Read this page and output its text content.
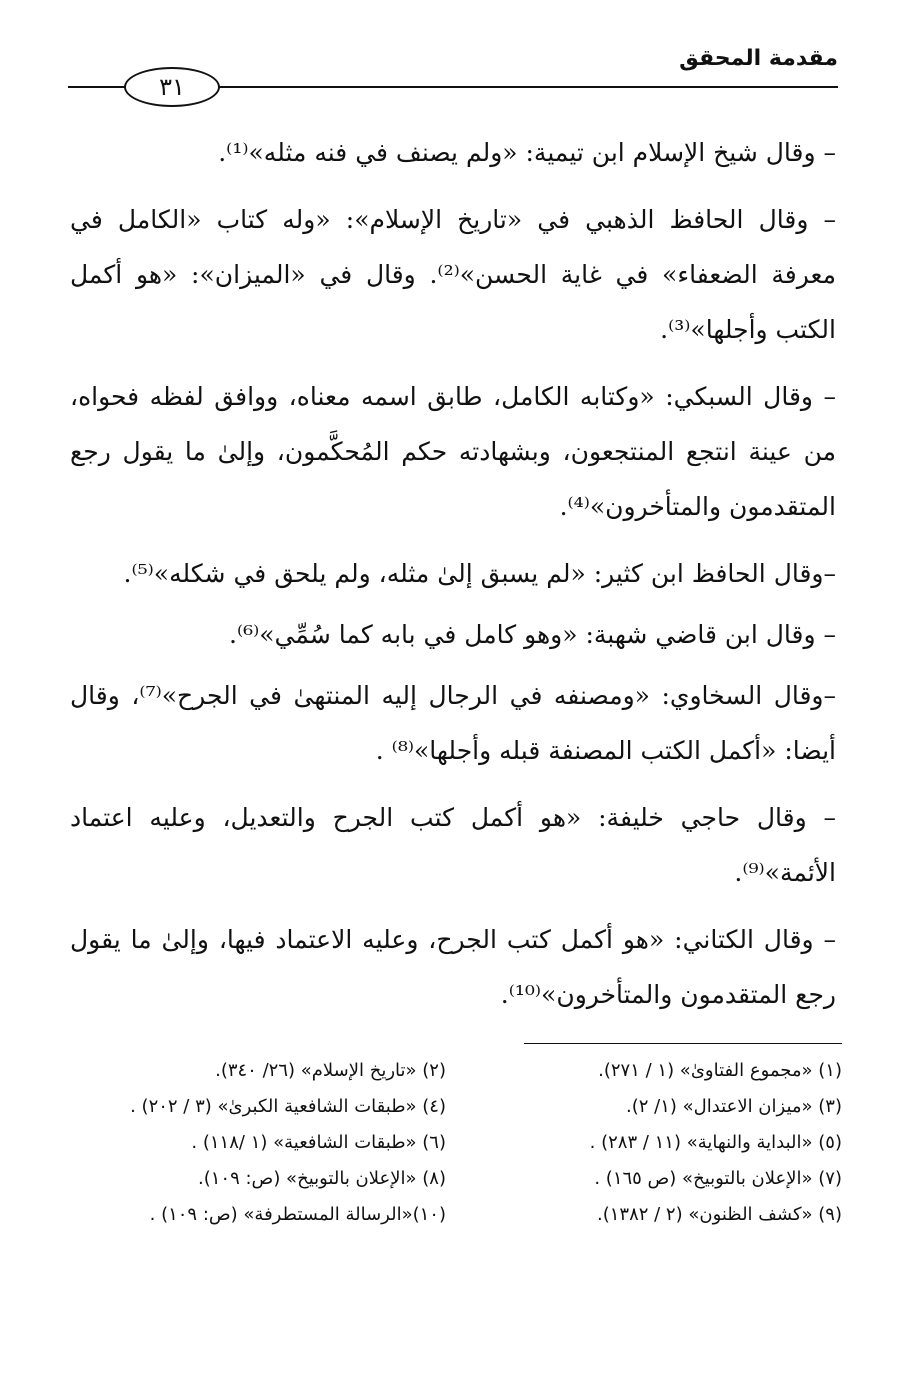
مقدمة المحقق
٣١

– وقال شيخ الإسلام ابن تيمية: «ولم يصنف في فنه مثله»⁽¹⁾.

– وقال الحافظ الذهبي في «تاريخ الإسلام»: «وله كتاب «الكامل في معرفة الضعفاء» في غاية الحسن»⁽²⁾. وقال في «الميزان»: «هو أكمل الكتب وأجلها»⁽³⁾.

– وقال السبكي: «وكتابه الكامل، طابق اسمه معناه، ووافق لفظه فحواه، من عينة انتجع المنتجعون، وبشهادته حكم المُحكَّمون، وإلىٰ ما يقول رجع المتقدمون والمتأخرون»⁽⁴⁾.

–وقال الحافظ ابن كثير: «لم يسبق إلىٰ مثله، ولم يلحق في شكله»⁽⁵⁾.

– وقال ابن قاضي شهبة: «وهو كامل في بابه كما سُمِّي»⁽⁶⁾.

–وقال السخاوي: «ومصنفه في الرجال إليه المنتهىٰ في الجرح»⁽⁷⁾، وقال أيضا: «أكمل الكتب المصنفة قبله وأجلها»⁽⁸⁾ .

– وقال حاجي خليفة: «هو أكمل كتب الجرح والتعديل، وعليه اعتماد الأئمة»⁽⁹⁾.

– وقال الكتاني: «هو أكمل كتب الجرح، وعليه الاعتماد فيها، وإلىٰ ما يقول رجع المتقدمون والمتأخرون»⁽¹⁰⁾.

(١) «مجموع الفتاوىٰ» (١ / ٢٧١).
(٢) «تاريخ الإسلام» (٢٦/ ٣٤٠).
(٣) «ميزان الاعتدال» (١/ ٢).
(٤) «طبقات الشافعية الكبرىٰ» (٣ / ٢٠٢) .
(٥) «البداية والنهاية» (١١ / ٢٨٣) .
(٦) «طبقات الشافعية» (١ /١١٨) .
(٧) «الإعلان بالتوبيخ» (ص ١٦٥) .
(٨) «الإعلان بالتوبيخ» (ص: ١٠٩).
(٩) «كشف الظنون» (٢ / ١٣٨٢).
(١٠)«الرسالة المستطرفة» (ص: ١٠٩) .
